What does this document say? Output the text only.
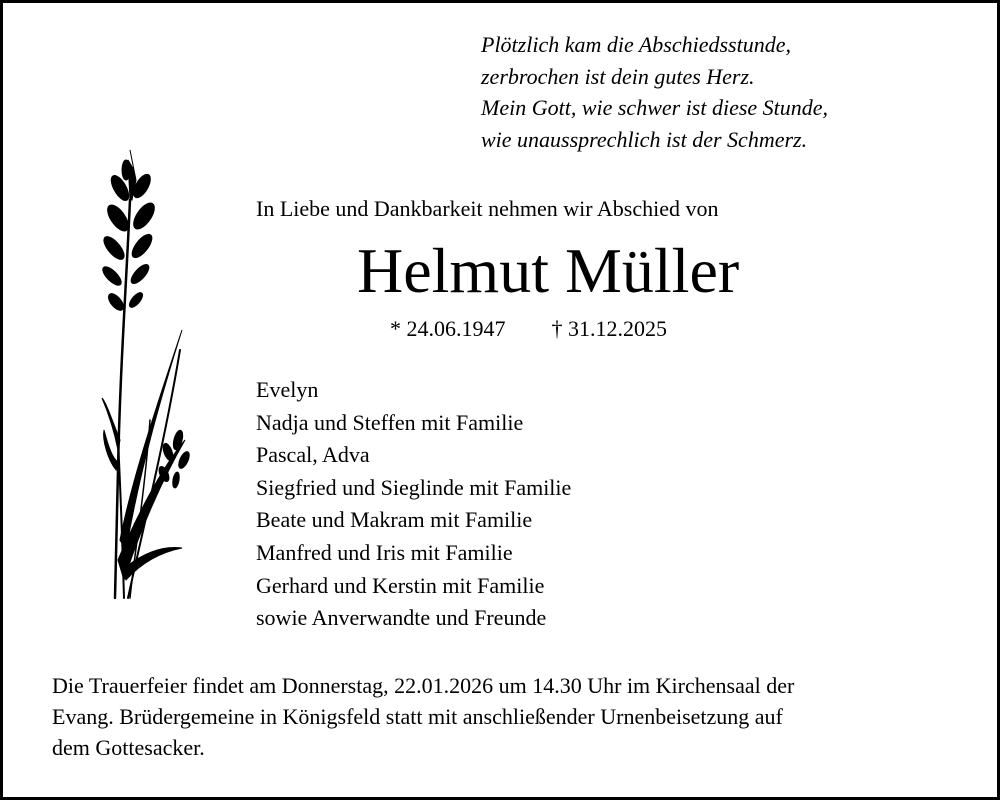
Plötzlich kam die Abschiedsstunde,
zerbrochen ist dein gutes Herz.
Mein Gott, wie schwer ist diese Stunde,
wie unaussprechlich ist der Schmerz.
In Liebe und Dankbarkeit nehmen wir Abschied von
Helmut Müller
* 24.06.1947 † 31.12.2025
Evelyn
Nadja und Steffen mit Familie
Pascal, Adva
Siegfried und Sieglinde mit Familie
Beate und Makram mit Familie
Manfred und Iris mit Familie
Gerhard und Kerstin mit Familie
sowie Anverwandte und Freunde

Die Trauerfeier findet am Donnerstag, 22.01.2026 um 14.30 Uhr im Kirchensaal der

Evang. Brüdergemeine in Königsfeld statt mit anschließender Urnenbeisetzung auf

dem Gottesacker.
